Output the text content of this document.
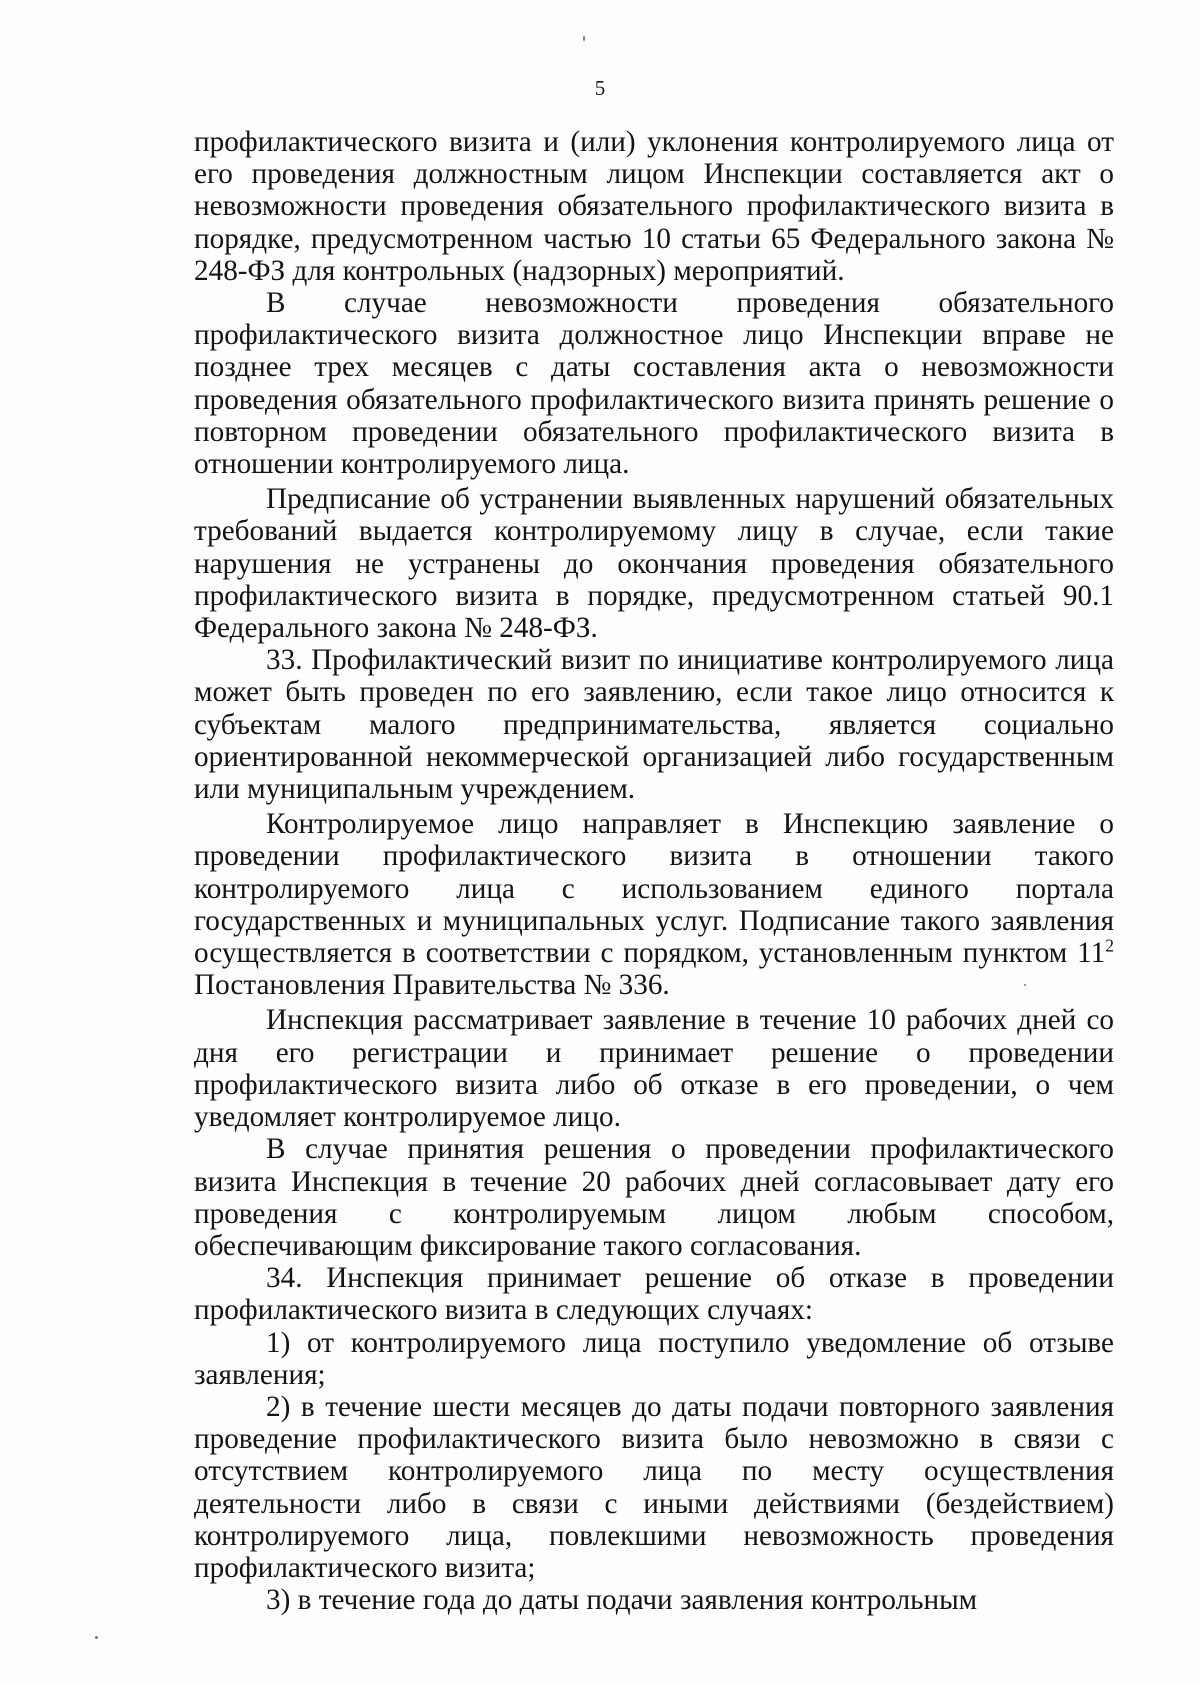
5

профилактического визита и (или) уклонения контролируемого лица от его проведения должностным лицом Инспекции составляется акт о невозможности проведения обязательного профилактического визита в порядке, предусмотренном частью 10 статьи 65 Федерального закона № 248-ФЗ для контрольных (надзорных) мероприятий.

В случае невозможности проведения обязательного профилактического визита должностное лицо Инспекции вправе не позднее трех месяцев с даты составления акта о невозможности проведения обязательного профилактического визита принять решение о повторном проведении обязательного профилактического визита в отношении контролируемого лица.

Предписание об устранении выявленных нарушений обязательных требований выдается контролируемому лицу в случае, если такие нарушения не устранены до окончания проведения обязательного профилактического визита в порядке, предусмотренном статьей 90.1 Федерального закона № 248-ФЗ.

33. Профилактический визит по инициативе контролируемого лица может быть проведен по его заявлению, если такое лицо относится к субъектам малого предпринимательства, является социально ориентированной некоммерческой организацией либо государственным или муниципальным учреждением.

Контролируемое лицо направляет в Инспекцию заявление о проведении профилактического визита в отношении такого контролируемого лица с использованием единого портала государственных и муниципальных услуг. Подписание такого заявления осуществляется в соответствии с порядком, установленным пунктом $11^2$ Постановления Правительства № 336.

Инспекция рассматривает заявление в течение 10 рабочих дней со дня его регистрации и принимает решение о проведении профилактического визита либо об отказе в его проведении, о чем уведомляет контролируемое лицо.

В случае принятия решения о проведении профилактического визита Инспекция в течение 20 рабочих дней согласовывает дату его проведения с контролируемым лицом любым способом, обеспечивающим фиксирование такого согласования.

34. Инспекция принимает решение об отказе в проведении профилактического визита в следующих случаях:

1) от контролируемого лица поступило уведомление об отзыве заявления;

2) в течение шести месяцев до даты подачи повторного заявления проведение профилактического визита было невозможно в связи с отсутствием контролируемого лица по месту осуществления деятельности либо в связи с иными действиями (бездействием) контролируемого лица, повлекшими невозможность проведения профилактического визита;

3) в течение года до даты подачи заявления контрольным
